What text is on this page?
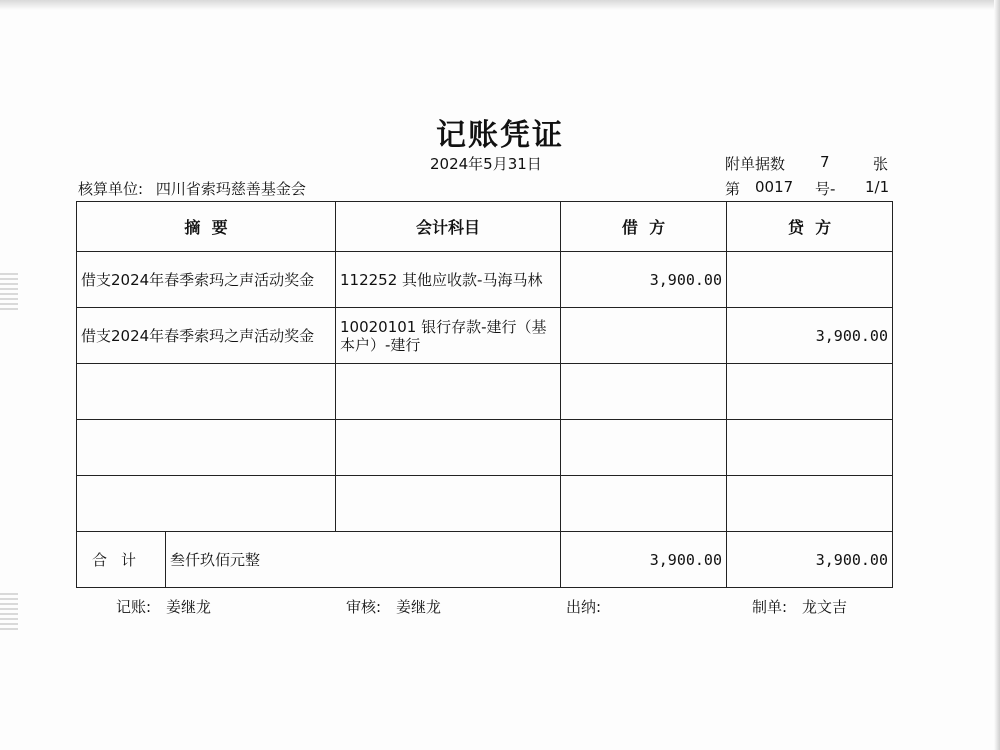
记账凭证
2024年5月31日	附单据数 7	张
核算单位: 四川省索玛慈善基金会	第 0017 号- 1/1
摘  要		会计科目	借  方	贷  方
借支2024年春季索玛之声活动奖金		112252 其他应收款-马海马林	3,900.00	
借支2024年春季索玛之声活动奖金		10020101 银行存款-建行（基本户）-建行		3,900.00

合计	叁仟玖佰元整		3,900.00	3,900.00
记账: 姜继龙	审核: 姜继龙	出纳:	制单: 龙文吉
